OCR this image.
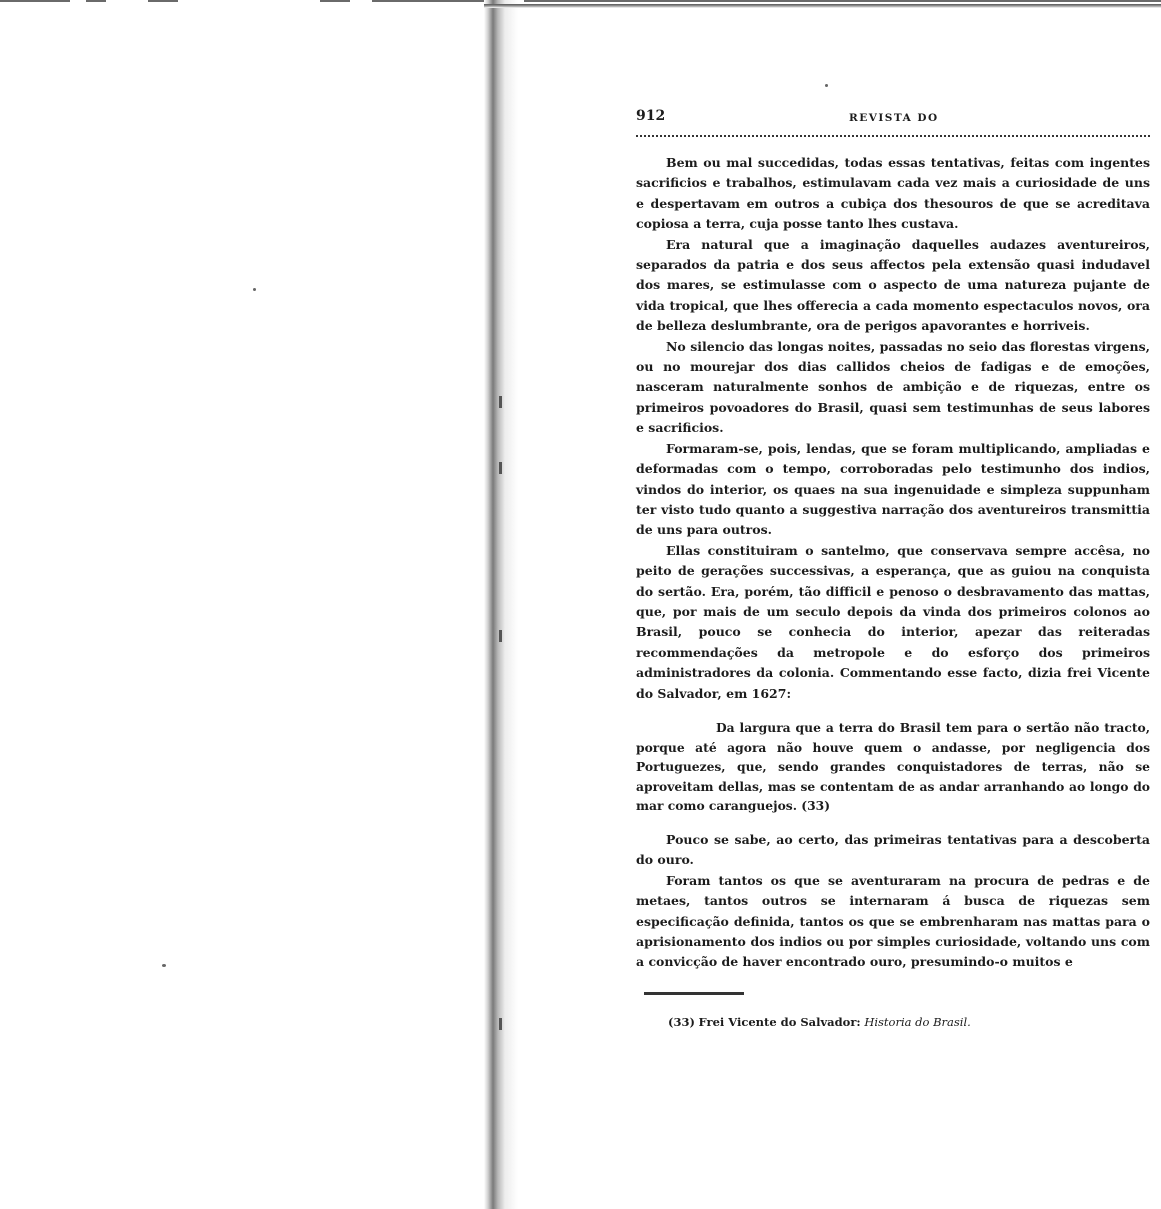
912	REVISTA DO

Bem ou mal succedidas, todas essas tentativas, feitas com ingentes sacrificios e trabalhos, estimulavam cada vez mais a curiosidade de uns e despertavam em outros a cubiça dos thesouros de que se acreditava copiosa a terra, cuja posse tanto lhes custava.

Era natural que a imaginação daquelles audazes aventureiros, separados da patria e dos seus affectos pela extensão quasi indudavel dos mares, se estimulasse com o aspecto de uma natureza pujante de vida tropical, que lhes offerecia a cada momento espectaculos novos, ora de belleza deslumbrante, ora de perigos apavorantes e horriveis.

No silencio das longas noites, passadas no seio das florestas virgens, ou no mourejar dos dias callidos cheios de fadigas e de emoções, nasceram naturalmente sonhos de ambição e de riquezas, entre os primeiros povoadores do Brasil, quasi sem testimunhas de seus labores e sacrificios.

Formaram-se, pois, lendas, que se foram multiplicando, ampliadas e deformadas com o tempo, corroboradas pelo testimunho dos indios, vindos do interior, os quaes na sua ingenuidade e simpleza suppunham ter visto tudo quanto a suggestiva narração dos aventureiros transmittia de uns para outros.

Ellas constituiram o santelmo, que conservava sempre accêsa, no peito de gerações successivas, a esperança, que as guiou na conquista do sertão. Era, porém, tão difficil e penoso o desbravamento das mattas, que, por mais de um seculo depois da vinda dos primeiros colonos ao Brasil, pouco se conhecia do interior, apezar das reiteradas recommendações da metropole e do esforço dos primeiros administradores da colonia. Commentando esse facto, dizia frei Vicente do Salvador, em 1627:

Da largura que a terra do Brasil tem para o sertão não tracto, porque até agora não houve quem o andasse, por negligencia dos Portuguezes, que, sendo grandes conquistadores de terras, não se aproveitam dellas, mas se contentam de as andar arranhando ao longo do mar como caranguejos. (33)

Pouco se sabe, ao certo, das primeiras tentativas para a descoberta do ouro.

Foram tantos os que se aventuraram na procura de pedras e de metaes, tantos outros se internaram á busca de riquezas sem especificação definida, tantos os que se embrenharam nas mattas para o aprisionamento dos indios ou por simples curiosidade, voltando uns com a convicção de haver encontrado ouro, presumindo-o muitos e

(33) Frei Vicente do Salvador: Historia do Brasil.
